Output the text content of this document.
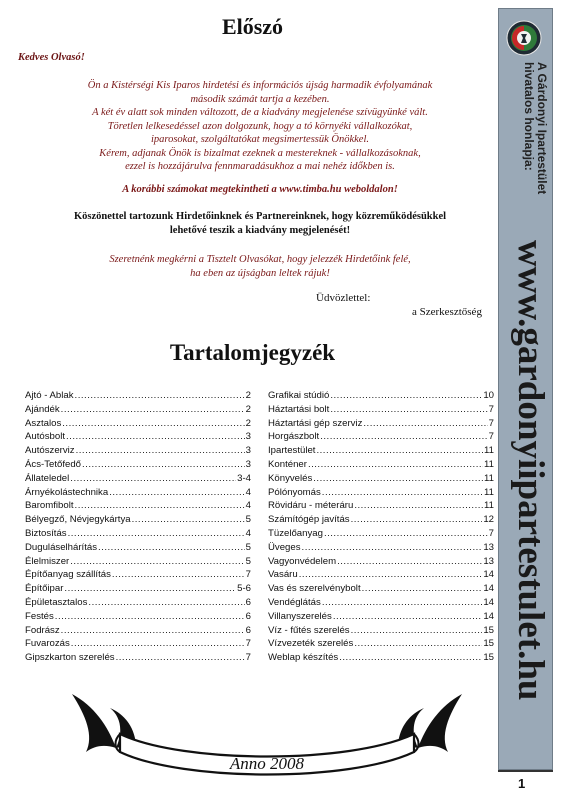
Előszó
Kedves Olvasó!

Ön a Kistérségi Kis Iparos hirdetési és információs újság harmadik évfolyamának

második számát tartja a kezében.

A két év alatt sok minden változott, de a kiadvány megjelenése szívügyünké vált.

Töretlen lelkesedéssel azon dolgozunk, hogy a tó környéki vállalkozókat,

iparosokat, szolgáltatókat megsimertessük Önökkel.

Kérem, adjanak Önök is bizalmat ezeknek a mestereknek - vállalkozásoknak,

ezzel is hozzájárulva fennmaradásukhoz a mai nehéz időkben is.

A korábbi számokat megtekintheti a www.timba.hu weboldalon!

Köszönettel tartozunk Hirdetőinknek és Partnereinknek, hogy közreműködésükkel

lehetővé teszik a kiadvány megjelenését!

Szeretnénk megkérni a Tisztelt Olvasókat, hogy jelezzék Hirdetőink felé,

ha eben az újságban leltek rájuk!

Üdvözlettel:
a Szerkesztőség
Tartalomjegyzék
Ajtó - Ablak .....	2
Ajándék .....	2
Asztalos .....	2
Autósbolt .....	3
Autószerviz .....	3
Ács-Tetőfedő .....	3
Állateledel .....	3-4
Árnyékolástechnika .....	4
Baromfibolt .....	4
Bélyegző, Névjegykártya .....	5
Biztosítás .....	4
Duguláselhárítás .....	5
Élelmiszer .....	5
Építőanyag szállítás .....	7
Építőipar .....	5-6
Épületasztalos .....	6
Festés .....	6
Fodrász .....	6
Fuvarozás .....	7
Gipszkarton szerelés .....	7
Grafikai stúdió .....	10
Háztartási bolt .....	7
Háztartási gép szerviz .....	7
Horgászbolt .....	7
Ipartestület .....	11
Konténer .....	11
Könyvelés .....	11
Pólónyomás .....	11
Rövidáru - méteráru .....	11
Számítógép javítás .....	12
Tüzelőanyag .....	7
Üveges .....	13
Vagyonvédelem .....	13
Vasáru .....	14
Vas és szerelvénybolt .....	14
Vendéglátás .....	14
Villanyszerelés .....	14
Víz - fűtés szerelés .....	15
Vízvezeték szerelés .....	15
Weblap készítés .....	15
A Gárdonyi Ipartestület
hivatalos honlapja:
www.gardonyiipartestulet.hu
Anno 2008
1
